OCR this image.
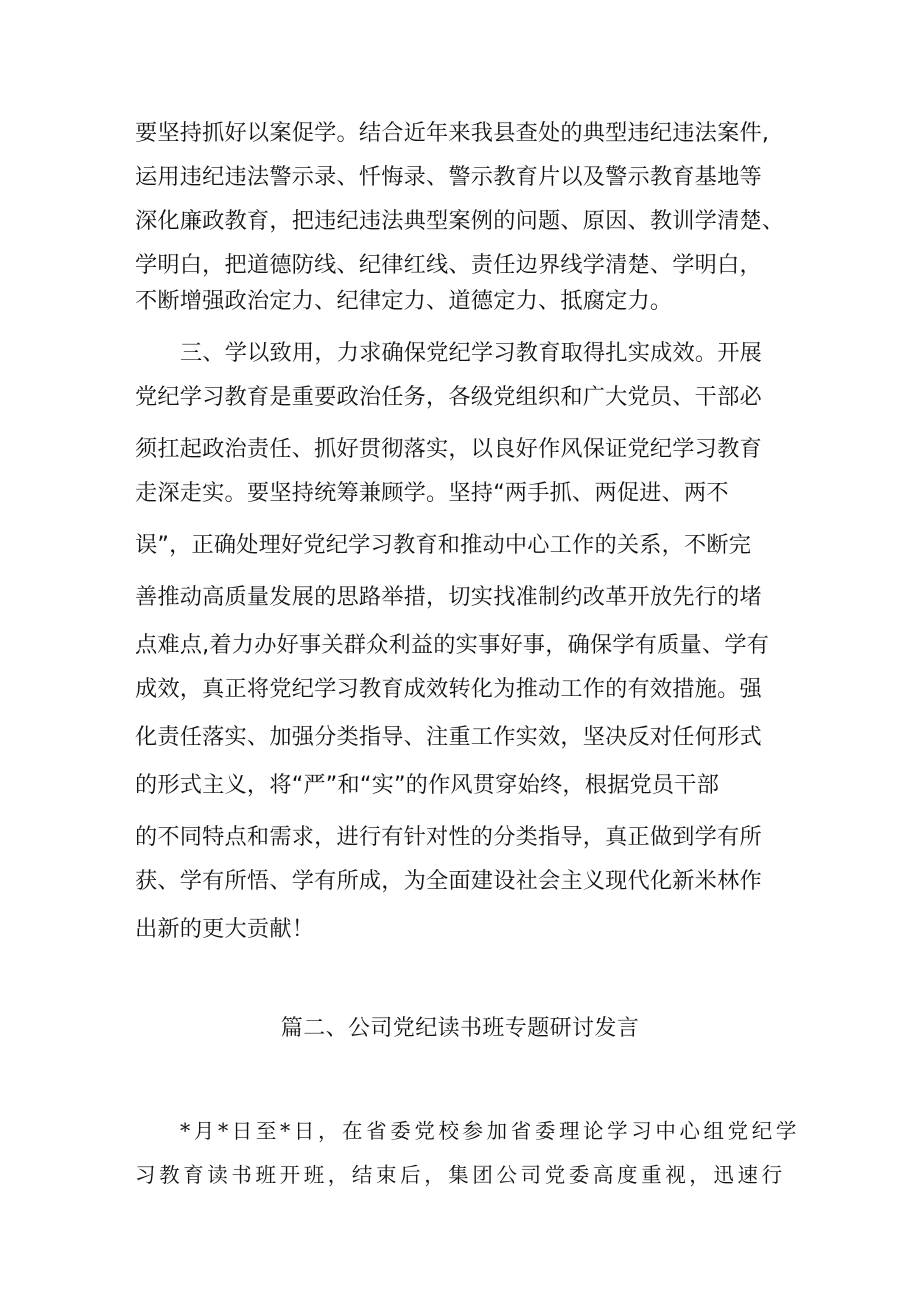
要坚持抓好以案促学。结合近年来我县查处的典型违纪违法案件,
运用违纪违法警示录、忏悔录、警示教育片以及警示教育基地等
深化廉政教育，把违纪违法典型案例的问题、原因、教训学清楚、
学明白，把道德防线、纪律红线、责任边界线学清楚、学明白，
不断增强政治定力、纪律定力、道德定力、抵腐定力。
三、学以致用，力求确保党纪学习教育取得扎实成效。开展
党纪学习教育是重要政治任务，各级党组织和广大党员、干部必
须扛起政治责任、抓好贯彻落实，以良好作风保证党纪学习教育
走深走实。要坚持统筹兼顾学。坚持“两手抓、两促进、两不
误”，正确处理好党纪学习教育和推动中心工作的关系，不断完
善推动高质量发展的思路举措，切实找准制约改革开放先行的堵
点难点,着力办好事关群众利益的实事好事，确保学有质量、学有
成效，真正将党纪学习教育成效转化为推动工作的有效措施。强
化责任落实、加强分类指导、注重工作实效，坚决反对任何形式
的形式主义，将“严”和“实”的作风贯穿始终，根据党员干部
的不同特点和需求，进行有针对性的分类指导，真正做到学有所
获、学有所悟、学有所成，为全面建设社会主义现代化新米林作
出新的更大贡献！
篇二、公司党纪读书班专题研讨发言
*月*日至*日，在省委党校参加省委理论学习中心组党纪学
习教育读书班开班，结束后，集团公司党委高度重视，迅速行
